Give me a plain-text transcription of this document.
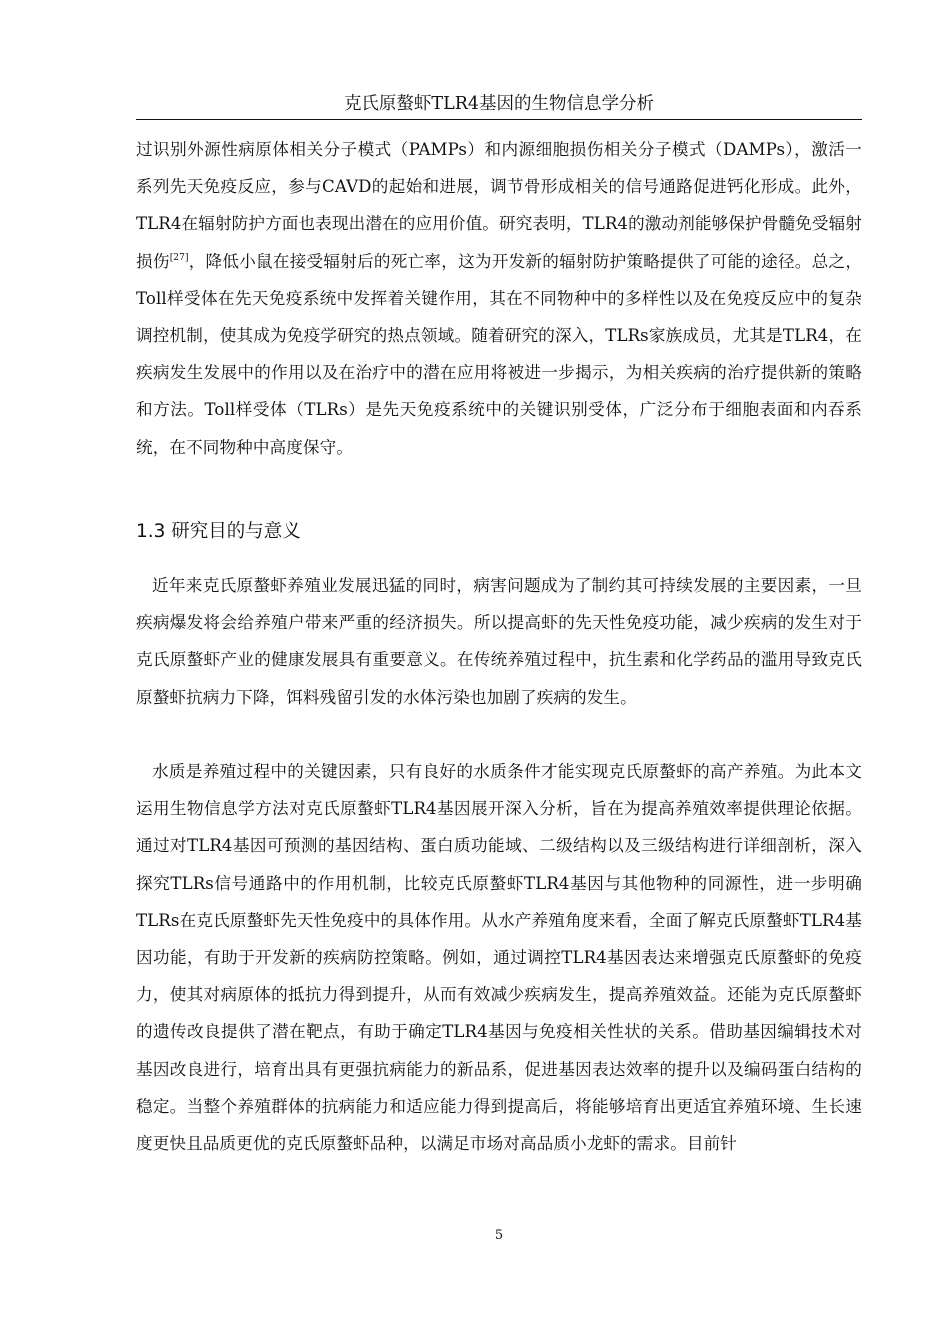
克氏原螯虾TLR4基因的生物信息学分析

过识别外源性病原体相关分子模式（PAMPs）和内源细胞损伤相关分子模式（DAMPs），激活一系列先天免疫反应，参与CAVD的起始和进展，调节骨形成相关的信号通路促进钙化形成。此外，TLR4在辐射防护方面也表现出潜在的应用价值。研究表明，TLR4的激动剂能够保护骨髓免受辐射损伤[27]，降低小鼠在接受辐射后的死亡率，这为开发新的辐射防护策略提供了可能的途径。总之，Toll样受体在先天免疫系统中发挥着关键作用，其在不同物种中的多样性以及在免疫反应中的复杂调控机制，使其成为免疫学研究的热点领域。随着研究的深入，TLRs家族成员，尤其是TLR4，在疾病发生发展中的作用以及在治疗中的潜在应用将被进一步揭示，为相关疾病的治疗提供新的策略和方法。Toll样受体（TLRs）是先天免疫系统中的关键识别受体，广泛分布于细胞表面和内吞系统，在不同物种中高度保守。

1.3 研究目的与意义

近年来克氏原螯虾养殖业发展迅猛的同时，病害问题成为了制约其可持续发展的主要因素，一旦疾病爆发将会给养殖户带来严重的经济损失。所以提高虾的先天性免疫功能，减少疾病的发生对于克氏原螯虾产业的健康发展具有重要意义。在传统养殖过程中，抗生素和化学药品的滥用导致克氏原螯虾抗病力下降，饵料残留引发的水体污染也加剧了疾病的发生。

水质是养殖过程中的关键因素，只有良好的水质条件才能实现克氏原螯虾的高产养殖。为此本文运用生物信息学方法对克氏原螯虾TLR4基因展开深入分析，旨在为提高养殖效率提供理论依据。通过对TLR4基因可预测的基因结构、蛋白质功能域、二级结构以及三级结构进行详细剖析，深入探究TLRs信号通路中的作用机制，比较克氏原螯虾TLR4基因与其他物种的同源性，进一步明确TLRs在克氏原螯虾先天性免疫中的具体作用。从水产养殖角度来看，全面了解克氏原螯虾TLR4基因功能，有助于开发新的疾病防控策略。例如，通过调控TLR4基因表达来增强克氏原螯虾的免疫力，使其对病原体的抵抗力得到提升，从而有效减少疾病发生，提高养殖效益。还能为克氏原螯虾的遗传改良提供了潜在靶点，有助于确定TLR4基因与免疫相关性状的关系。借助基因编辑技术对基因改良进行，培育出具有更强抗病能力的新品系，促进基因表达效率的提升以及编码蛋白结构的稳定。当整个养殖群体的抗病能力和适应能力得到提高后，将能够培育出更适宜养殖环境、生长速度更快且品质更优的克氏原螯虾品种，以满足市场对高品质小龙虾的需求。目前针

5
